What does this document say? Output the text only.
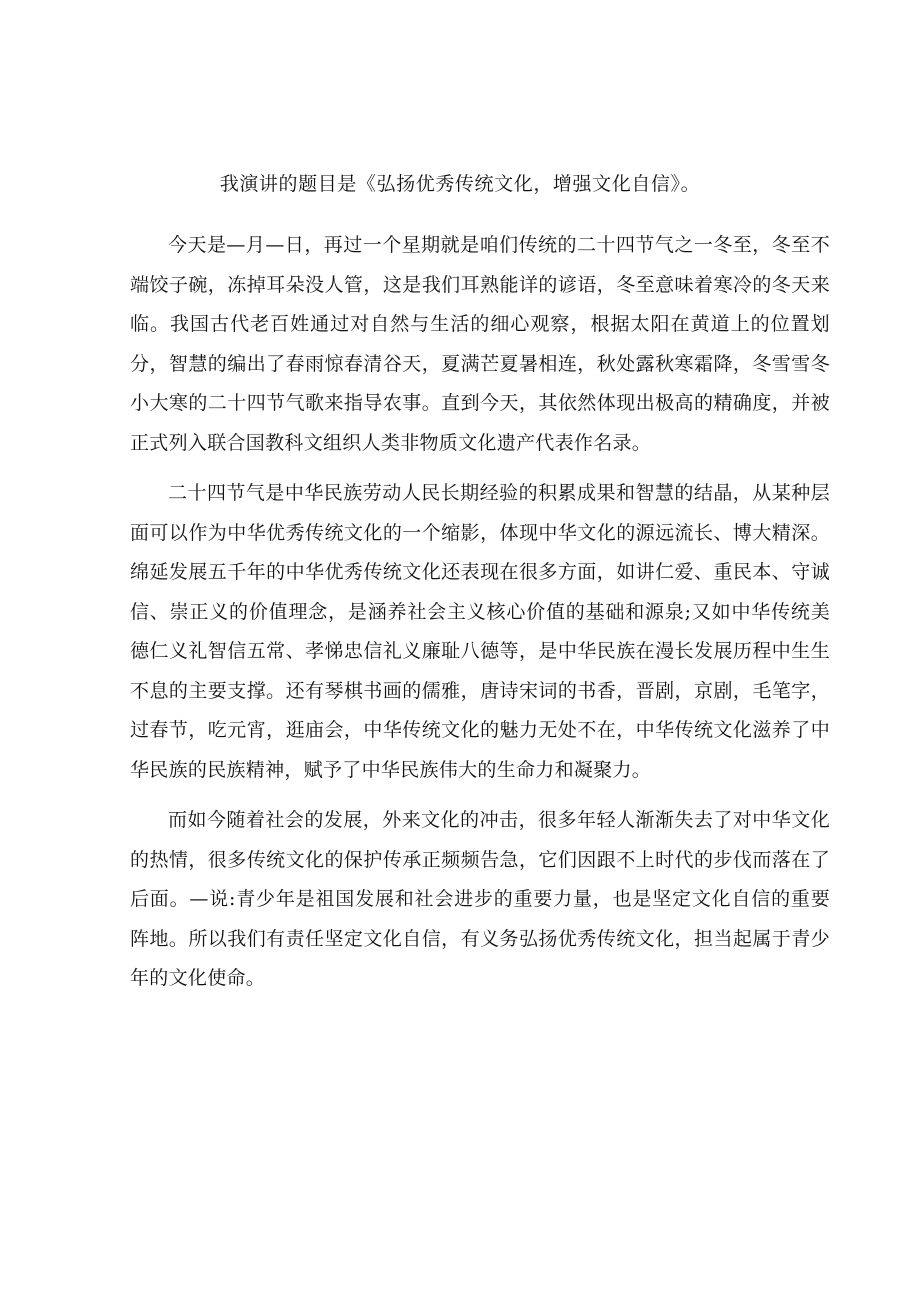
我演讲的题目是《弘扬优秀传统文化，增强文化自信》。

今天是—月—日，再过一个星期就是咱们传统的二十四节气之一冬至，冬至不端饺子碗，冻掉耳朵没人管，这是我们耳熟能详的谚语，冬至意味着寒冷的冬天来临。我国古代老百姓通过对自然与生活的细心观察，根据太阳在黄道上的位置划分，智慧的编出了春雨惊春清谷天，夏满芒夏暑相连，秋处露秋寒霜降，冬雪雪冬小大寒的二十四节气歌来指导农事。直到今天，其依然体现出极高的精确度，并被正式列入联合国教科文组织人类非物质文化遗产代表作名录。

二十四节气是中华民族劳动人民长期经验的积累成果和智慧的结晶，从某种层面可以作为中华优秀传统文化的一个缩影，体现中华文化的源远流长、博大精深。绵延发展五千年的中华优秀传统文化还表现在很多方面，如讲仁爱、重民本、守诚信、崇正义的价值理念，是涵养社会主义核心价值的基础和源泉;又如中华传统美德仁义礼智信五常、孝悌忠信礼义廉耻八德等，是中华民族在漫长发展历程中生生不息的主要支撑。还有琴棋书画的儒雅，唐诗宋词的书香，晋剧，京剧，毛笔字，过春节，吃元宵，逛庙会，中华传统文化的魅力无处不在，中华传统文化滋养了中华民族的民族精神，赋予了中华民族伟大的生命力和凝聚力。

而如今随着社会的发展，外来文化的冲击，很多年轻人渐渐失去了对中华文化的热情，很多传统文化的保护传承正频频告急，它们因跟不上时代的步伐而落在了后面。—说:青少年是祖国发展和社会进步的重要力量，也是坚定文化自信的重要阵地。所以我们有责任坚定文化自信，有义务弘扬优秀传统文化，担当起属于青少年的文化使命。
